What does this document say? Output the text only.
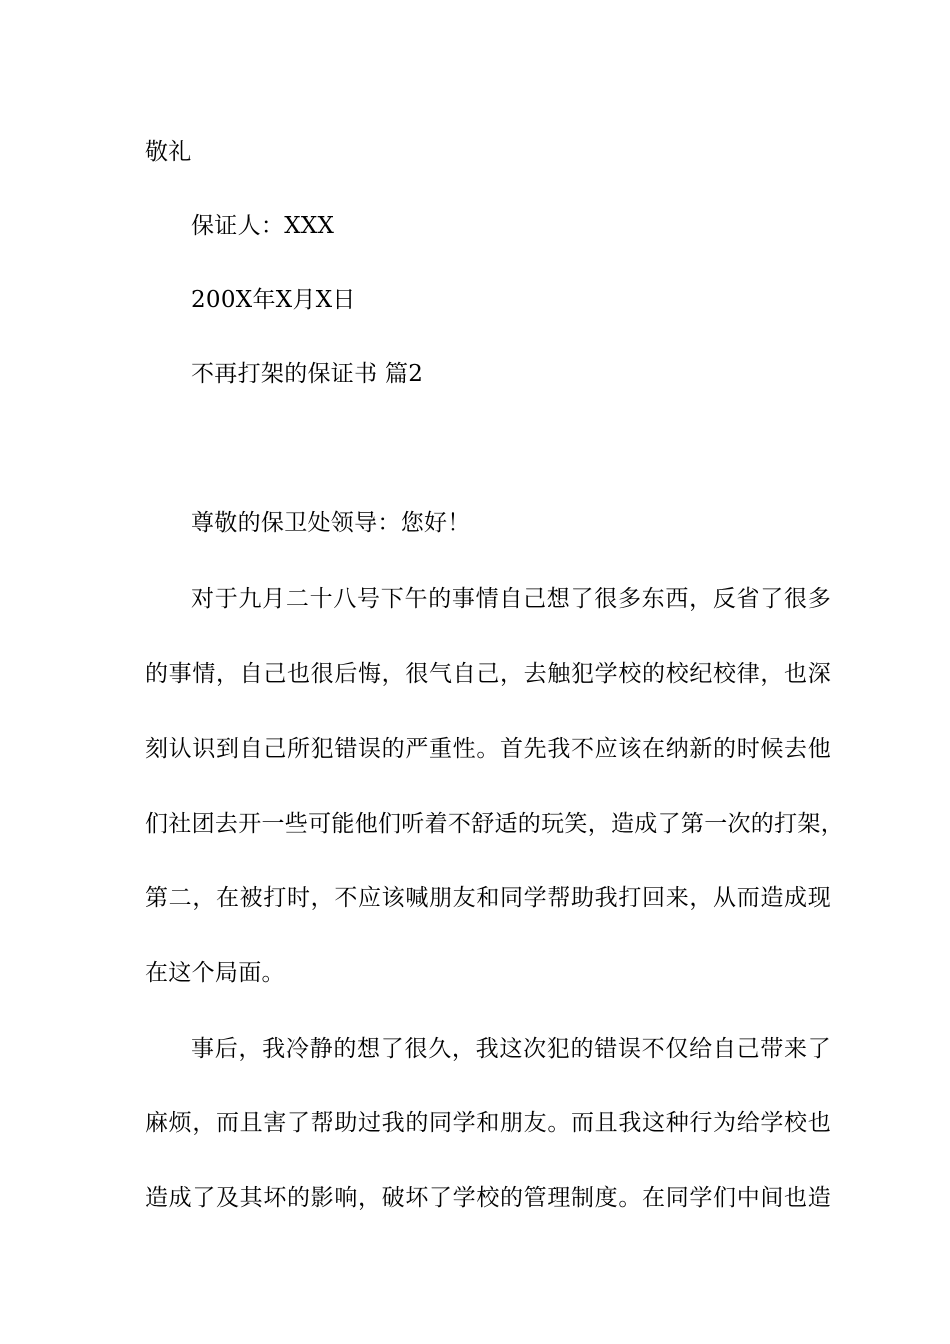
敬礼
保证人：XXX
200X年X月X日
不再打架的保证书 篇2
尊敬的保卫处领导：您好！
对于九月二十八号下午的事情自己想了很多东西，反省了很多
的事情，自己也很后悔，很气自己，去触犯学校的校纪校律，也深
刻认识到自己所犯错误的严重性。首先我不应该在纳新的时候去他
们社团去开一些可能他们听着不舒适的玩笑，造成了第一次的打架，
第二，在被打时，不应该喊朋友和同学帮助我打回来，从而造成现
在这个局面。
事后，我冷静的想了很久，我这次犯的错误不仅给自己带来了
麻烦，而且害了帮助过我的同学和朋友。而且我这种行为给学校也
造成了及其坏的影响，破坏了学校的管理制度。在同学们中间也造
